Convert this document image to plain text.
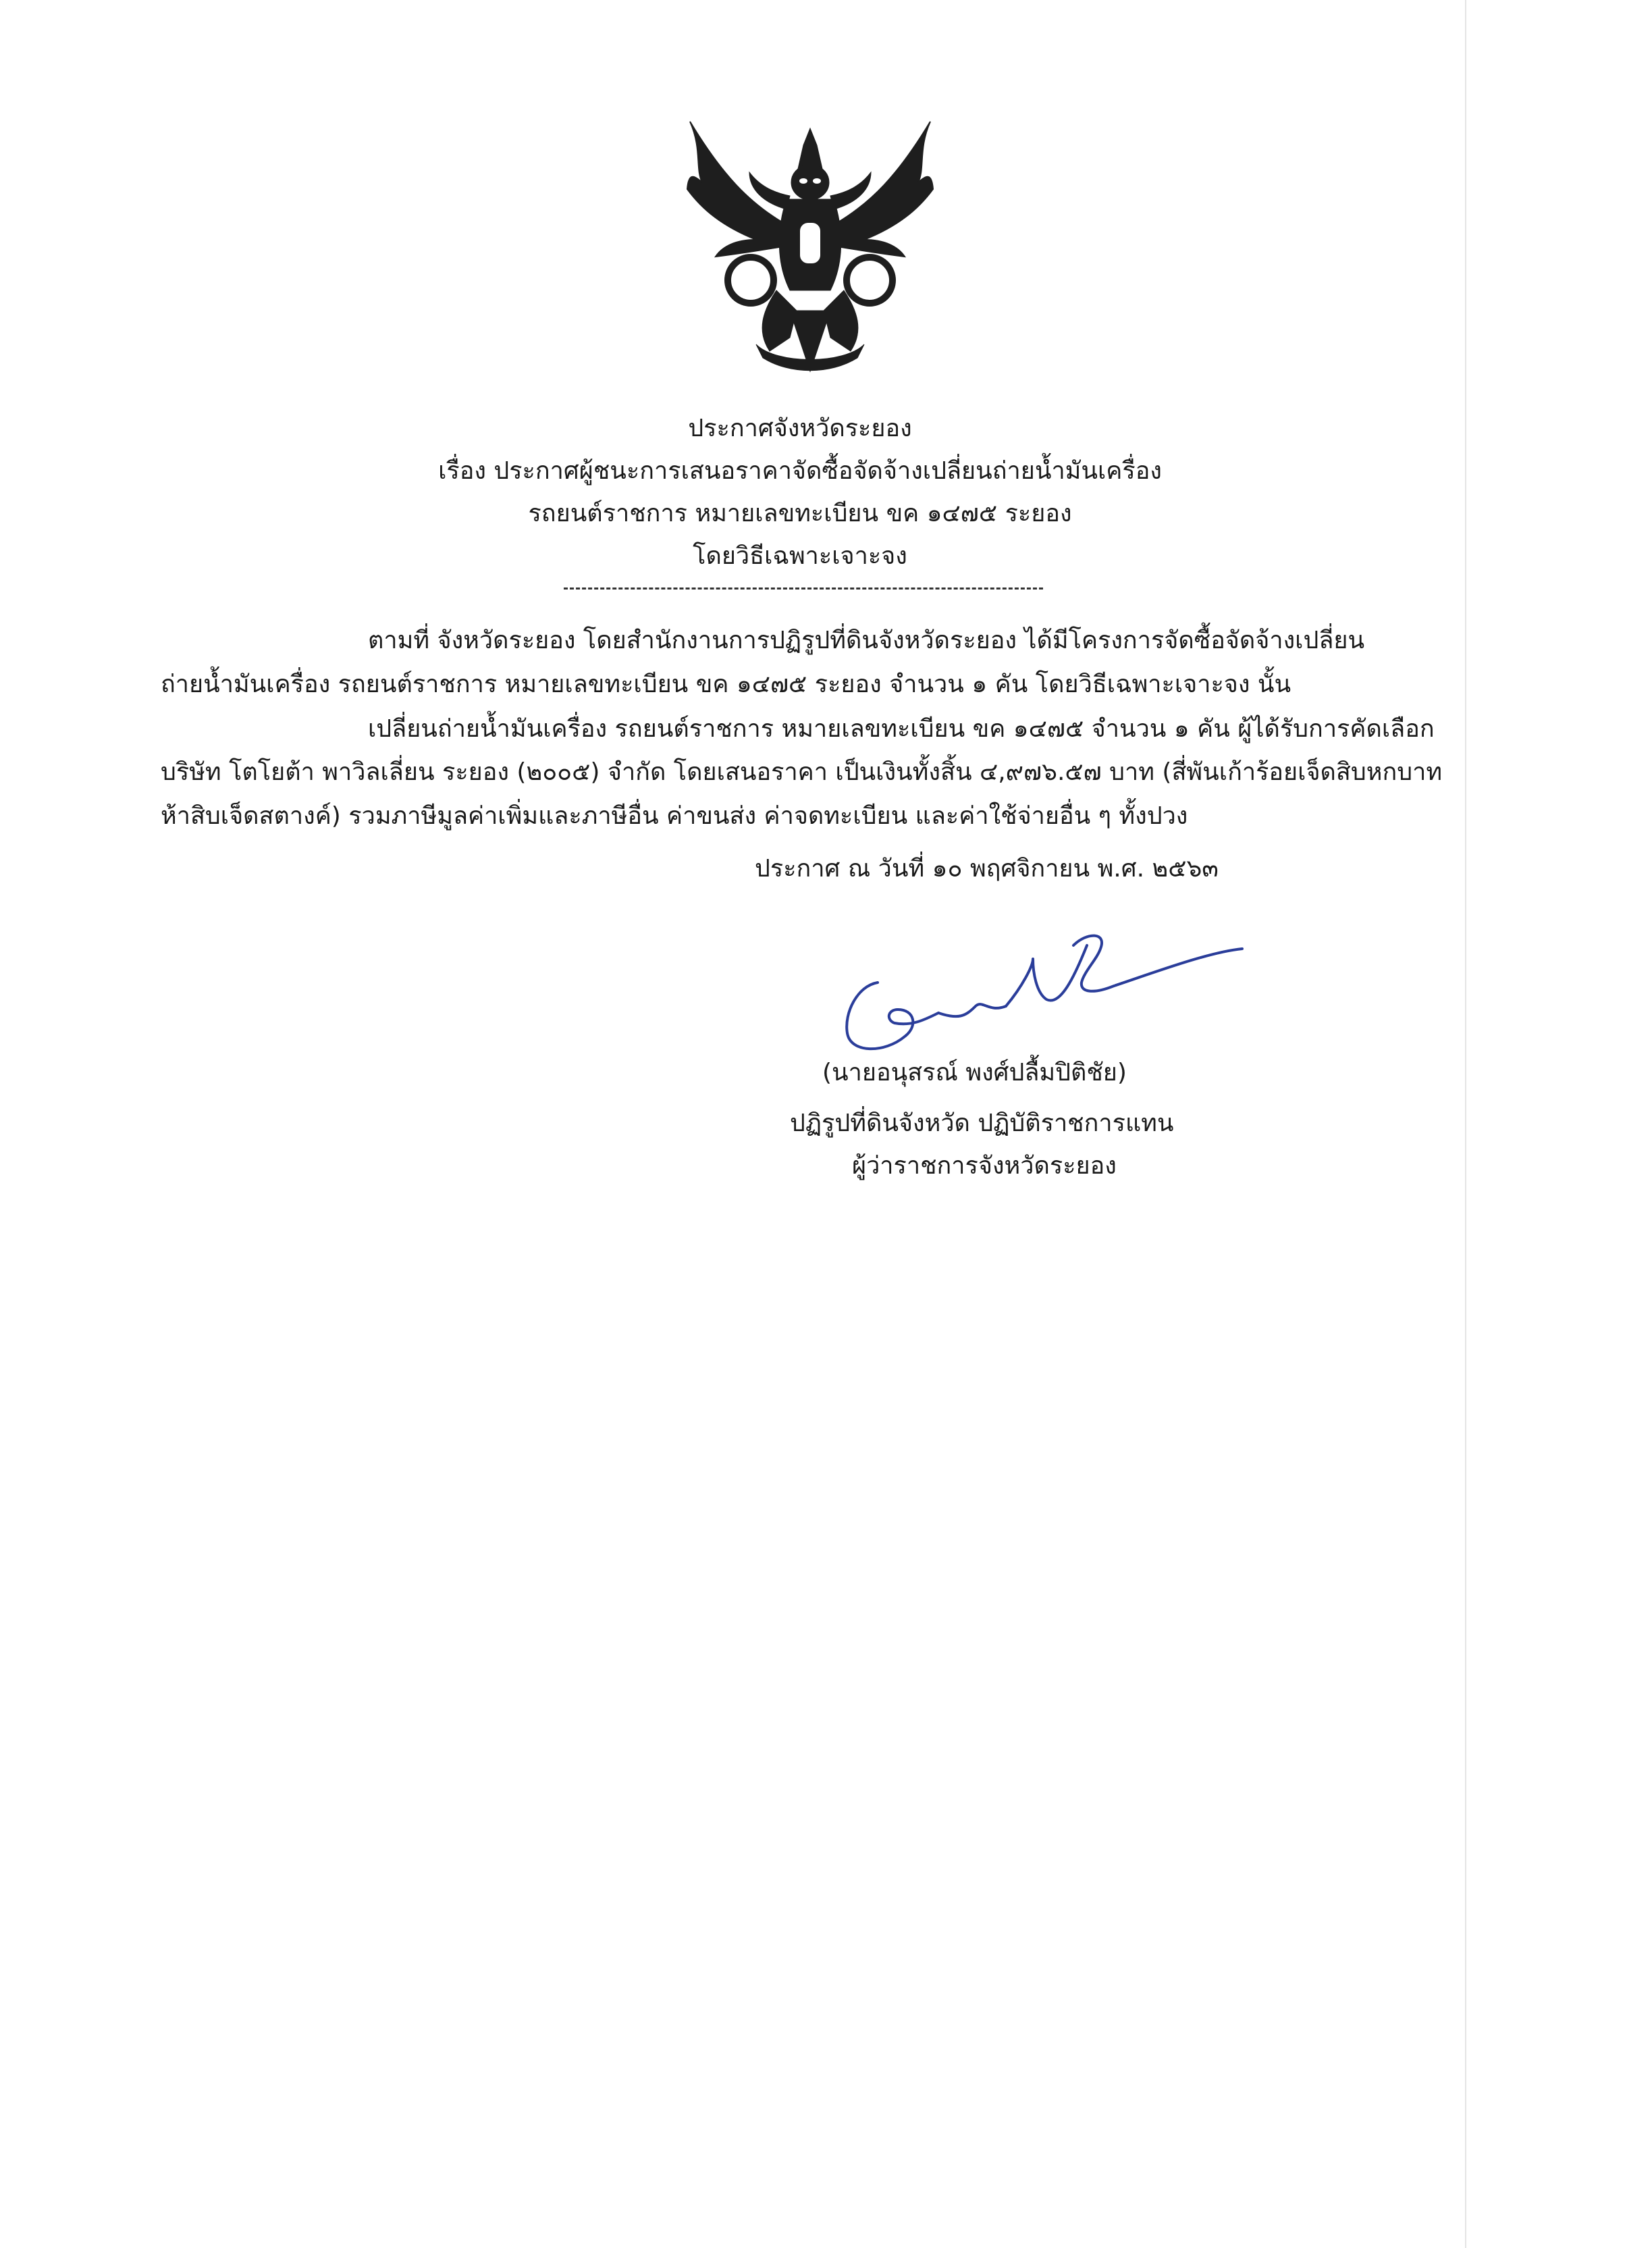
ประกาศจังหวัดระยอง
เรื่อง ประกาศผู้ชนะการเสนอราคาจัดซื้อจัดจ้างเปลี่ยนถ่ายน้ำมันเครื่อง
รถยนต์ราชการ หมายเลขทะเบียน ขค ๑๔๗๕ ระยอง
โดยวิธีเฉพาะเจาะจง
ตามที่ จังหวัดระยอง โดยสำนักงานการปฏิรูปที่ดินจังหวัดระยอง ได้มีโครงการจัดซื้อจัดจ้างเปลี่ยน
ถ่ายน้ำมันเครื่อง รถยนต์ราชการ หมายเลขทะเบียน ขค ๑๔๗๕ ระยอง จำนวน ๑ คัน โดยวิธีเฉพาะเจาะจง นั้น
เปลี่ยนถ่ายน้ำมันเครื่อง รถยนต์ราชการ หมายเลขทะเบียน ขค ๑๔๗๕ จำนวน ๑ คัน ผู้ได้รับการคัดเลือก
บริษัท โตโยต้า พาวิลเลี่ยน ระยอง (๒๐๐๕) จำกัด โดยเสนอราคา เป็นเงินทั้งสิ้น ๔,๙๗๖.๕๗ บาท (สี่พันเก้าร้อยเจ็ดสิบหกบาท
ห้าสิบเจ็ดสตางค์) รวมภาษีมูลค่าเพิ่มและภาษีอื่น ค่าขนส่ง ค่าจดทะเบียน และค่าใช้จ่ายอื่น ๆ ทั้งปวง
ประกาศ ณ วันที่ ๑๐ พฤศจิกายน พ.ศ. ๒๕๖๓
(นายอนุสรณ์ พงศ์ปลื้มปิติชัย)
ปฏิรูปที่ดินจังหวัด ปฏิบัติราชการแทน
ผู้ว่าราชการจังหวัดระยอง
